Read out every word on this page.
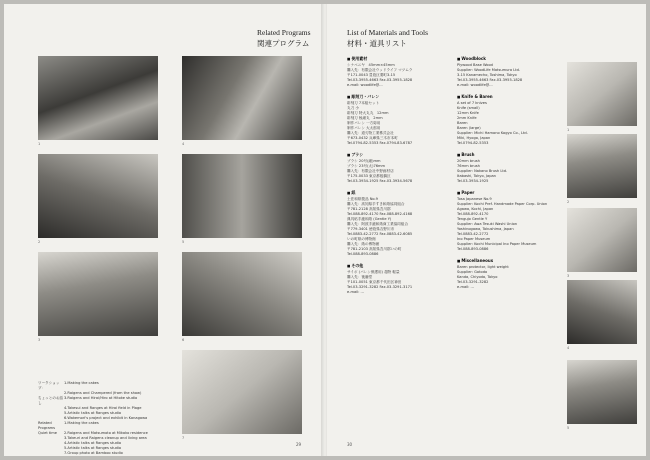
Related Programs
関連プログラム
1	4
2	5
3	6
7
ワークショップ：
1.Making the cakes
2.Raigens and Champered (from the show)
ちょっとのお話し
3.Raigens and Hirai/Hiro at Hitoke studio
4.Takesui and Ranges at Hirai field in Plage
5.Artistic talks at Ranges studio
6.Wakemori's project and exhibit in Kanagawa
Related Programs
1.Making the cakes
Quiet time	2.Raigens and Matsumoto at Mikako residence
3.Takeuri and Raigens cleanup and living area
4.Artistic talks at Ranges studio
5.Artistic talks at Ranges studio
7.Group photo at Bamboo studio
29
List of Materials and Tools
材料・道具リスト
■ 使用素材
シナベニヤ　45mm×45mm
購入先：有限会社ウッドライフ マツムラ
〒171-0043 豊島区要町3-15
Tel.03-3955-4663 Fax.03-3955-1828
e-mail: woodlife@...
■ 彫刻刀・バレン
彫刻刀 7本組セット
丸刀 小
彫刻刀 特大丸丸　12mm
彫刻刀 極細丸　2mm
制作バレン 一方彫用
制作バレン 大太郎用
購入先：道刃物工業株式会社
〒673-0432 兵庫県三木市本町
Tel.0794-82-5353 Fax.0794-83-6787
■ ブラシ
ブラシ 20号(細)mm
ブラシ 23号(太)76mm
購入先：有限会社中野画材店
〒175-0033 東京都板橋区
Tel.03-3934-1925 Fax.03-3934-5678
■ 紙
土佐和紙製品 No.9
購入先：高知県手すき和紙協同組合
〒781-2128 高知県吾川郡
Tel.088-892-4170 Fax.088-892-4168
典具帖手漉和紙 (Gentle Y)
購入先：阿波手漉和紙商工業協同組合
〒779-3401 徳島県吉野川市
Tel.0883-42-2772 Fax.0883-42-6085
いの町紙の博物館
購入先：紙の博物館
〒781-2103 高知県吾川郡いの町
Tel.088-893-0886
■ その他
サイボ (バレン保護用) 超特 軽量
購入先：後藤堂
〒101-0051 東京都千代田区神田
Tel.03-3291-3282 Fax.03-3291-3171
e-mail: ...
■ Woodblock
Plywood Base Wood
Supplier: WoodLife Matsumura Ltd.
3-15 Kanamecho, Toshima, Tokyo
Tel.03-3955-4663 Fax.03-3955-1828
e-mail: woodlife@...
■ Knife & Baren
A set of 7 knives
Knife (small)
12mm Knife
2mm Knife
Baren
Baren (large)
Supplier: Michi Hamono Kogyo Co., Ltd.
Miki, Hyogo, Japan
Tel.0794-82-5353
■ Brush
20mm brush
76mm brush
Supplier: Nakano Brush Ltd.
Itabashi, Tokyo, Japan
Tel.03-3934-1925
■ Paper
Tosa Japanese No.9
Supplier: Kochi Pref. Handmade Paper Corp. Union
Agawa, Kochi, Japan
Tel.088-892-4170
Tengujo Gentle Y
Supplier: Awa Tesuki Washi Union
Yoshinogawa, Tokushima, Japan
Tel.0883-42-2772
Ino Paper Museum
Supplier: Kochi Municipal Ino Paper Museum
Tel.088-893-0886
■ Miscellaneous
Baren protector, light weight
Supplier: Gotodo
Kanda, Chiyoda, Tokyo
Tel.03-3291-3282
e-mail: ...
1
2
3
4
5
30
